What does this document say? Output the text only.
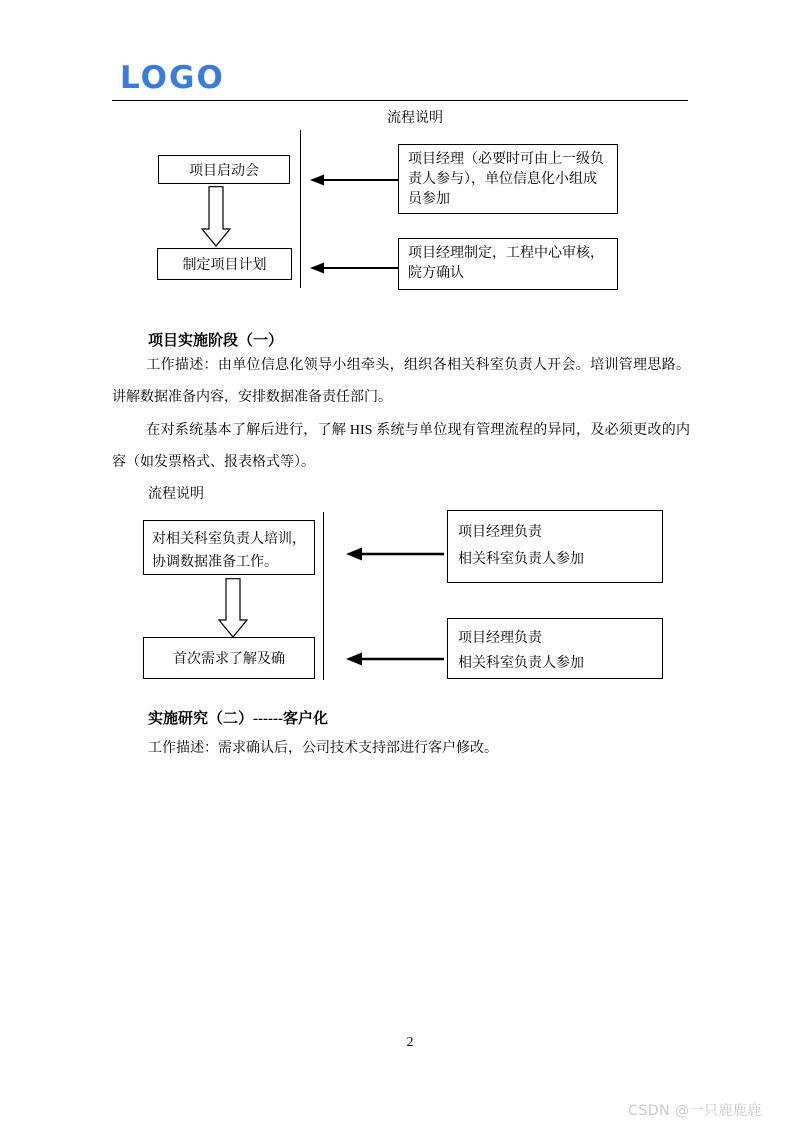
LOGO
流程说明
项目启动会
项目经理（必要时可由上一级负责人参与），单位信息化小组成员参加
制定项目计划
项目经理制定，工程中心审核，院方确认
项目实施阶段（一）
工作描述：由单位信息化领导小组牵头，组织各相关科室负责人开会。培训管理思路。讲解数据准备内容，安排数据准备责任部门。
在对系统基本了解后进行，了解 HIS 系统与单位现有管理流程的异同，及必须更改的内容（如发票格式、报表格式等）。
流程说明
对相关科室负责人培训，协调数据准备工作。
项目经理负责
相关科室负责人参加
首次需求了解及确
项目经理负责
相关科室负责人参加
实施研究（二）------客户化
工作描述：需求确认后，公司技术支持部进行客户修改。
2
CSDN @一只鹿鹿鹿
